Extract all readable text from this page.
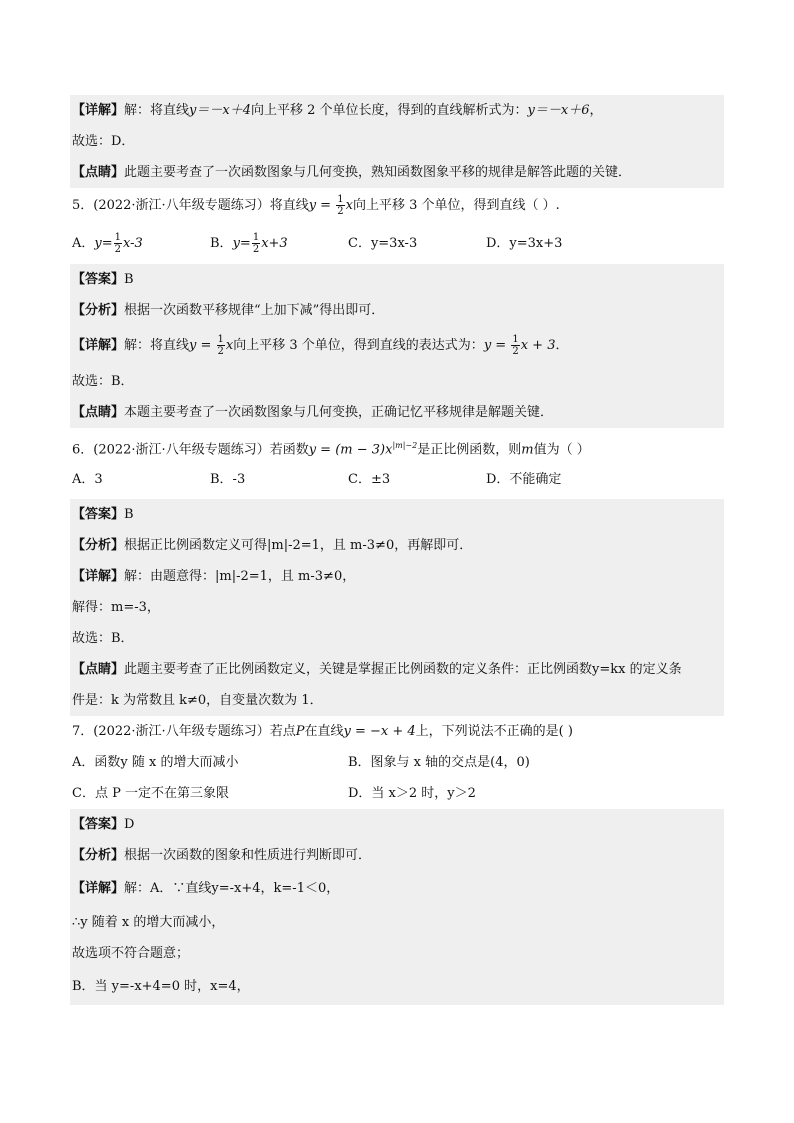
【详解】解：将直线y＝－x＋4向上平移 2 个单位长度，得到的直线解析式为：y＝－x＋6，
故选：D．
【点睛】此题主要考查了一次函数图象与几何变换，熟知函数图象平移的规律是解答此题的关键．
5．(2022·浙江·八年级专题练习）将直线$y = \frac{1}{2}$ x向上平移 3 个单位，得到直线（ ）.
A．$y= \frac{1}{2} x-3$	B．$y= \frac{1}{2} x+3$	C．y=3x-3	D．y=3x+3
【答案】B
【分析】根据一次函数平移规律“上加下减”得出即可．
【详解】解：将直线$y = \frac{1}{2}$ x向上平移 3 个单位，得到直线的表达式为：$y = \frac{1}{2}$ x + 3．
故选：B．
【点睛】本题主要考查了一次函数图象与几何变换，正确记忆平移规律是解题关键．
6．(2022·浙江·八年级专题练习）若函数$y = (m - 3)x^{|m|-2}$是正比例函数，则m值为（ ）
A．3	B．-3	C．±3	D．不能确定
【答案】B
【分析】根据正比例函数定义可得|m|-2=1，且 m-3≠0，再解即可．
【详解】解：由题意得：|m|-2=1，且 m-3≠0，
解得：m=-3，
故选：B．
【点睛】此题主要考查了正比例函数定义，关键是掌握正比例函数的定义条件：正比例函数y=kx 的定义条
件是：k 为常数且 k≠0，自变量次数为 1．
7．(2022·浙江·八年级专题练习）若点P在直线y = −x + 4上，下列说法不正确的是( )
A．函数y 随 x 的增大而减小	B．图象与 x 轴的交点是(4，0)
C．点 P 一定不在第三象限	D．当 x＞2 时，y＞2
【答案】D
【分析】根据一次函数的图象和性质进行判断即可．
【详解】解：A．∵直线y=-x+4，k=-1＜0，
∴y 随着 x 的增大而减小，
故选项不符合题意；
B．当 y=-x+4=0 时，x=4，
